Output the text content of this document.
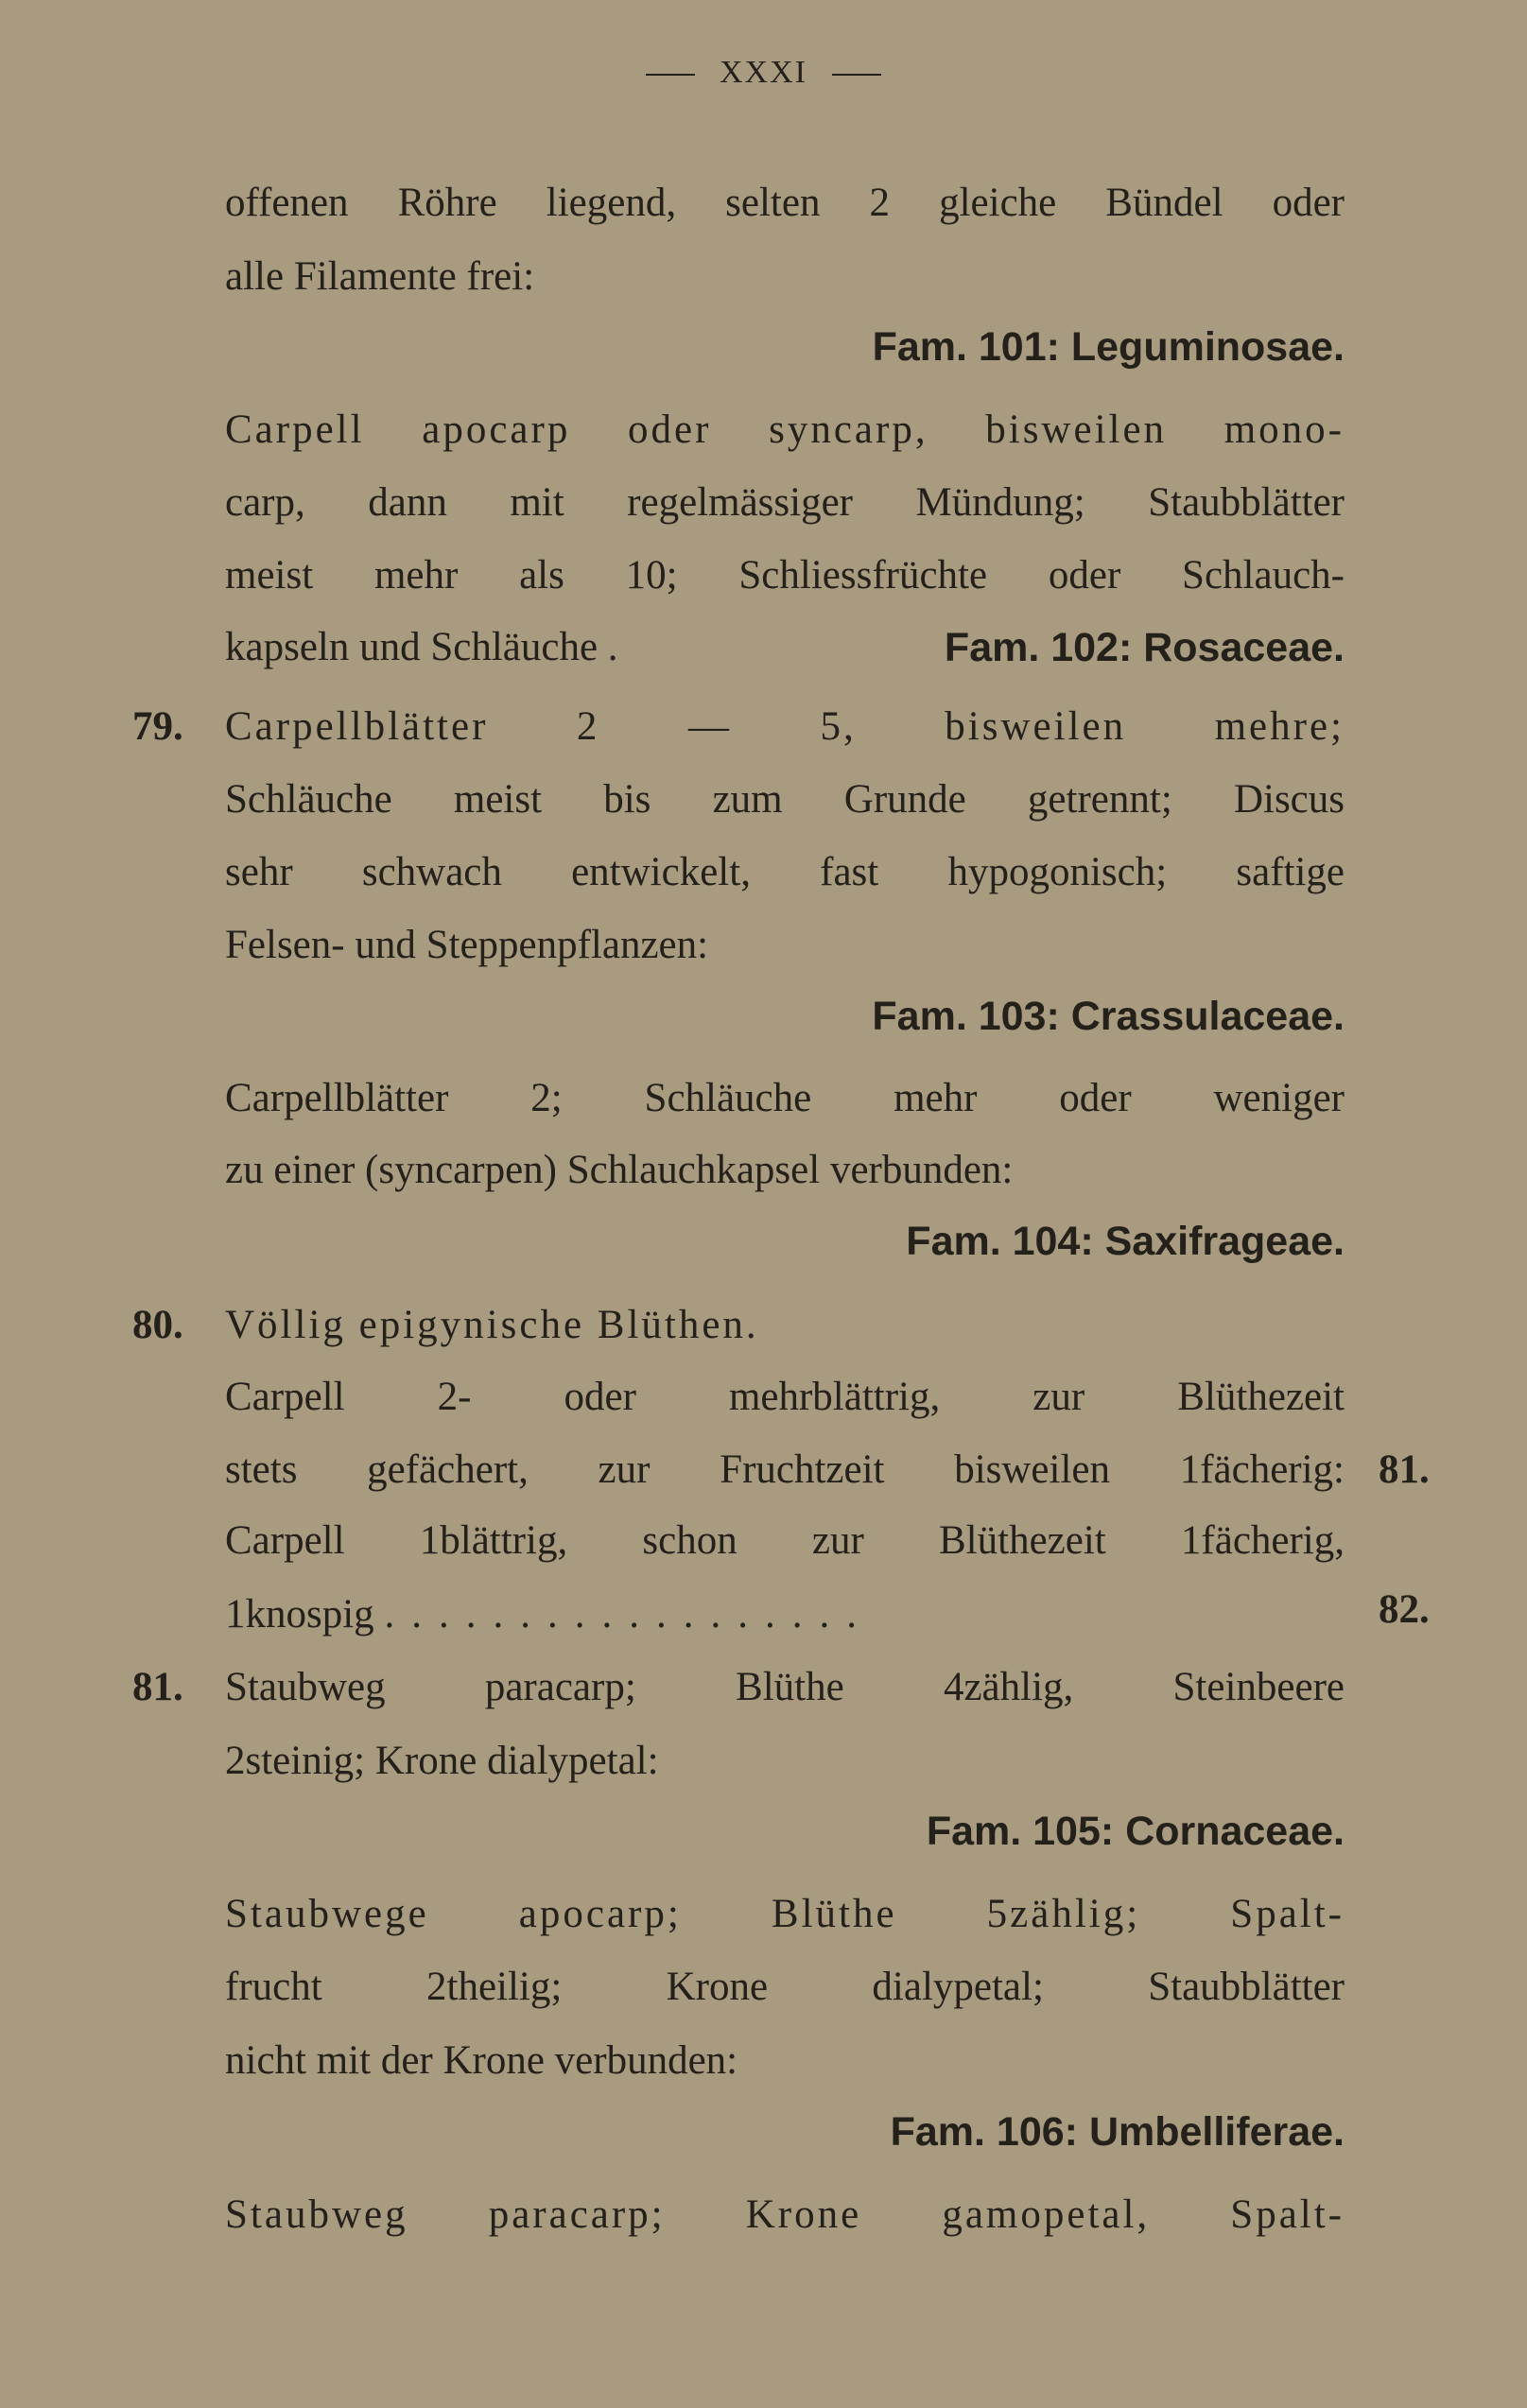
XXXI
offenen Röhre liegend, selten 2 gleiche Bündel oder
alle Filamente frei:
Fam. 101: Leguminosae.
Carpell apocarp oder syncarp, bisweilen mono-
carp, dann mit regelmässiger Mündung; Staubblätter
meist mehr als 10; Schliessfrüchte oder Schlauch-
kapseln und Schläuche .	Fam. 102: Rosaceae.
79. Carpellblätter 2 — 5, bisweilen mehre;
Schläuche meist bis zum Grunde getrennt; Discus
sehr schwach entwickelt, fast hypogonisch; saftige
Felsen- und Steppenpflanzen:
Fam. 103: Crassulaceae.
Carpellblätter 2; Schläuche mehr oder weniger
zu einer (syncarpen) Schlauchkapsel verbunden:
Fam. 104: Saxifrageae.
80. Völlig epigynische Blüthen.
Carpell 2- oder mehrblättrig, zur Blüthezeit
stets gefächert, zur Fruchtzeit bisweilen 1fächerig: 81.
Carpell 1blättrig, schon zur Blüthezeit 1fächerig,
1knospig ..................	82.
81. Staubweg paracarp; Blüthe 4zählig, Steinbeere
2steinig; Krone dialypetal:
Fam. 105: Cornaceae.
Staubwege apocarp; Blüthe 5zählig; Spalt-
frucht 2theilig; Krone dialypetal; Staubblätter
nicht mit der Krone verbunden:
Fam. 106: Umbelliferae.
Staubweg paracarp; Krone gamopetal, Spalt-
